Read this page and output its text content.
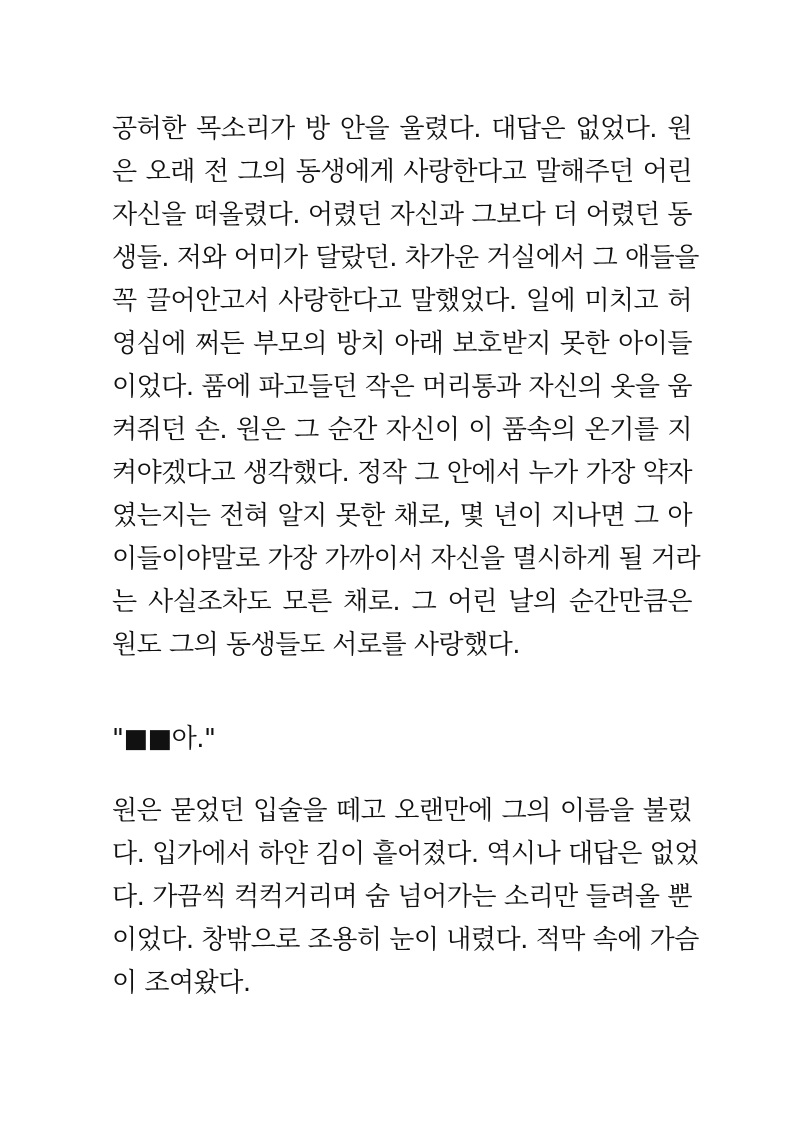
공허한 목소리가 방 안을 울렸다. 대답은 없었다. 원
은 오래 전 그의 동생에게 사랑한다고 말해주던 어린
자신을 떠올렸다. 어렸던 자신과 그보다 더 어렸던 동
생들. 저와 어미가 달랐던. 차가운 거실에서 그 애들을
꼭 끌어안고서 사랑한다고 말했었다. 일에 미치고 허
영심에 쩌든 부모의 방치 아래 보호받지 못한 아이들
이었다. 품에 파고들던 작은 머리통과 자신의 옷을 움
켜쥐던 손. 원은 그 순간 자신이 이 품속의 온기를 지
켜야겠다고 생각했다. 정작 그 안에서 누가 가장 약자
였는지는 전혀 알지 못한 채로, 몇 년이 지나면 그 아
이들이야말로 가장 가까이서 자신을 멸시하게 될 거라
는 사실조차도 모른 채로. 그 어린 날의 순간만큼은
원도 그의 동생들도 서로를 사랑했다.
"■■아."
원은 묻었던 입술을 떼고 오랜만에 그의 이름을 불렀
다. 입가에서 하얀 김이 흩어졌다. 역시나 대답은 없었
다. 가끔씩 컥컥거리며 숨 넘어가는 소리만 들려올 뿐
이었다. 창밖으로 조용히 눈이 내렸다. 적막 속에 가슴
이 조여왔다.
